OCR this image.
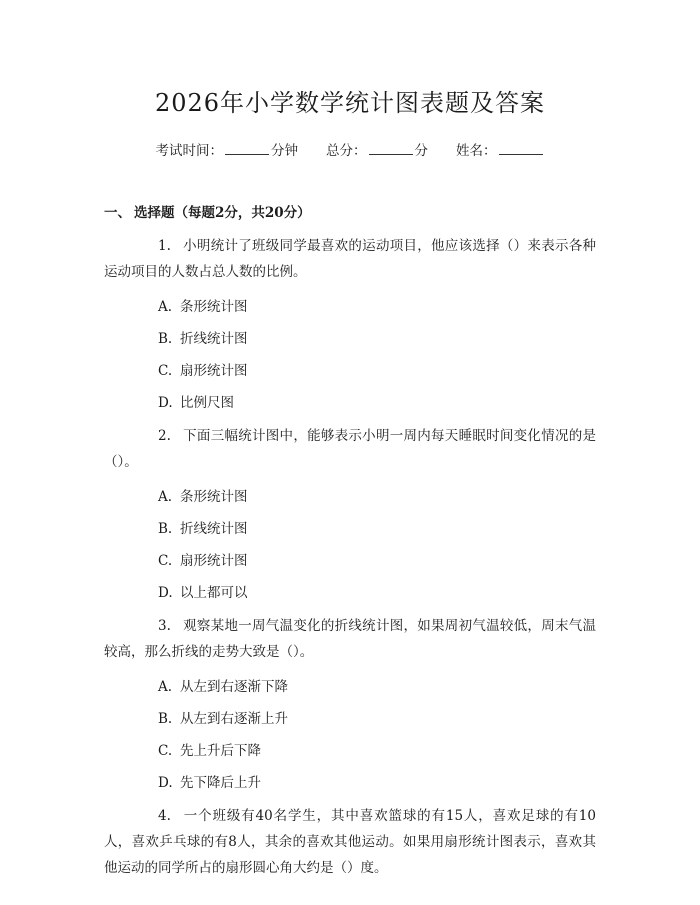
2026年小学数学统计图表题及答案
考试时间：	分钟 总分：	分 姓名：
一、 选择题（每题2分，共20分）
1. 小明统计了班级同学最喜欢的运动项目，他应该选择（）来表示各种运动项目的人数占总人数的比例。
A. 条形统计图
B. 折线统计图
C. 扇形统计图
D. 比例尺图
2. 下面三幅统计图中，能够表示小明一周内每天睡眠时间变化情况的是（）。
A. 条形统计图
B. 折线统计图
C. 扇形统计图
D. 以上都可以
3. 观察某地一周气温变化的折线统计图，如果周初气温较低，周末气温较高，那么折线的走势大致是（）。
A. 从左到右逐渐下降
B. 从左到右逐渐上升
C. 先上升后下降
D. 先下降后上升
4. 一个班级有40名学生，其中喜欢篮球的有15人，喜欢足球的有10人，喜欢乒乓球的有8人，其余的喜欢其他运动。如果用扇形统计图表示，喜欢其他运动的同学所占的扇形圆心角大约是（）度。
